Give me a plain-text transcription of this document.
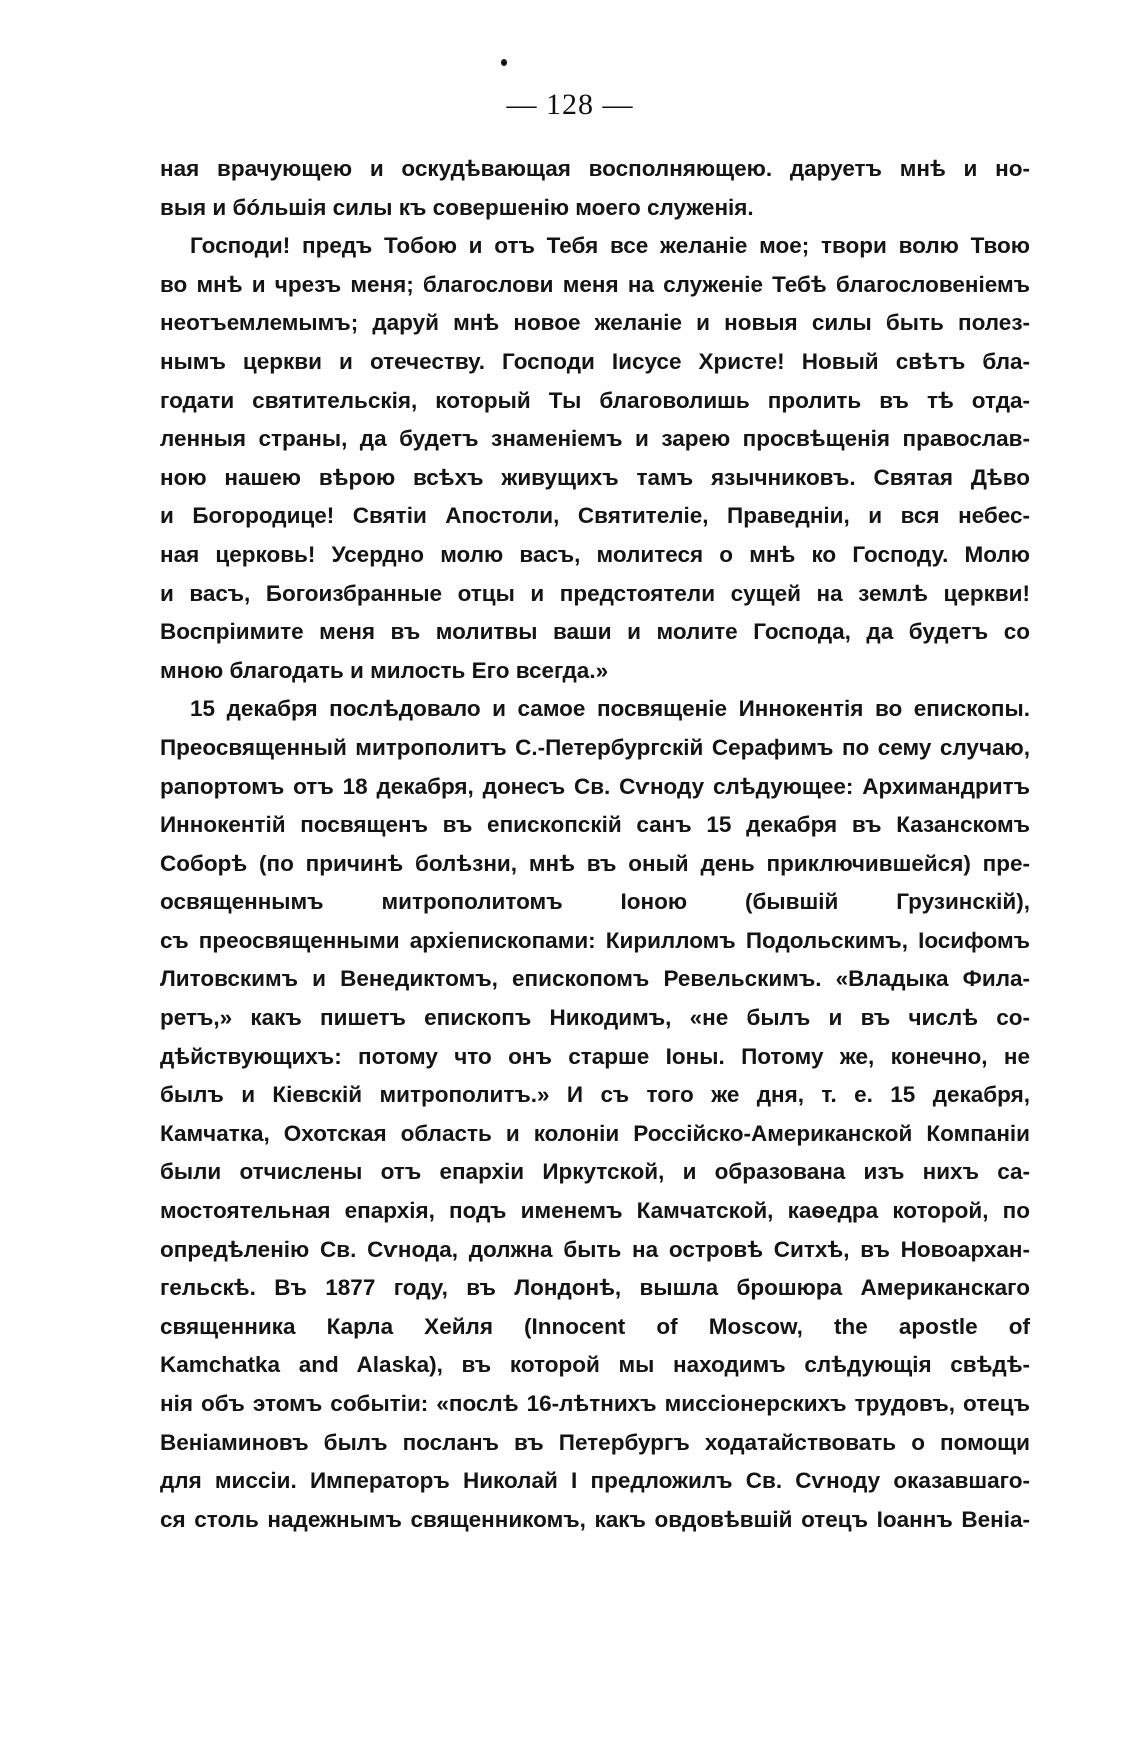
— 128 —
ная врачующею и оскудѣвающая восполняющею. даруетъ мнѣ и но-
выя и бóльшія силы къ совершенію моего служенія.
Господи! предъ Тобою и отъ Тебя все желаніе мое; твори волю Твою
во мнѣ и чрезъ меня; благослови меня на служеніе Тебѣ благословеніемъ
неотъемлемымъ; даруй мнѣ новое желаніе и новыя силы быть полез-
нымъ церкви и отечеству. Господи Іисусе Христе! Новый свѣтъ бла-
годати святительскія, который Ты благоволишь пролить въ тѣ отда-
ленныя страны, да будетъ знаменіемъ и зарею просвѣщенія православ-
ною нашею вѣрою всѣхъ живущихъ тамъ язычниковъ. Святая Дѣво
и Богородице! Святіи Апостоли, Святителіе, Праведніи, и вся небес-
ная церковь! Усердно молю васъ, молитеся о мнѣ ко Господу. Молю
и васъ, Богоизбранные отцы и предстоятели сущей на землѣ церкви!
Воспріимите меня въ молитвы ваши и молите Господа, да будетъ со
мною благодать и милость Его всегда.»
15 декабря послѣдовало и самое посвященіе Иннокентія во епископы.
Преосвященный митрополитъ С.-Петербургскій Серафимъ по сему случаю,
рапортомъ отъ 18 декабря, донесъ Св. Сѵноду слѣдующее: Архимандритъ
Иннокентій посвященъ въ епископскій санъ 15 декабря въ Казанскомъ
Соборѣ (по причинѣ болѣзни, мнѣ въ оный день приключившейся) пре-
освященнымъ митрополитомъ Іоною (бывшій Грузинскій),
съ преосвященными архіепископами: Кирилломъ Подольскимъ, Іосифомъ
Литовскимъ и Венедиктомъ, епископомъ Ревельскимъ. «Владыка Фила-
ретъ,» какъ пишетъ епископъ Никодимъ, «не былъ и въ числѣ со-
дѣйствующихъ: потому что онъ старше Іоны. Потому же, конечно, не
былъ и Кіевскій митрополитъ.» И съ того же дня, т. е. 15 декабря,
Камчатка, Охотская область и колоніи Россійско-Американской Компаніи
были отчислены отъ епархіи Иркутской, и образована изъ нихъ са-
мостоятельная епархія, подъ именемъ Камчатской, каѳедра которой, по
опредѣленію Св. Сѵнода, должна быть на островѣ Ситхѣ, въ Новоархан-
гельскѣ. Въ 1877 году, въ Лондонѣ, вышла брошюра Американскаго
священника Карла Хейля (Innocent of Moscow, the apostle of
Kamchatka and Alaska), въ которой мы находимъ слѣдующія свѣдѣ-
нія объ этомъ событіи: «послѣ 16-лѣтнихъ миссіонерскихъ трудовъ, отецъ
Веніаминовъ былъ посланъ въ Петербургъ ходатайствовать о помощи
для миссіи. Императоръ Николай I предложилъ Св. Сѵноду оказавшаго-
ся столь надежнымъ священникомъ, какъ овдовѣвшій отецъ Іоаннъ Веніа-
